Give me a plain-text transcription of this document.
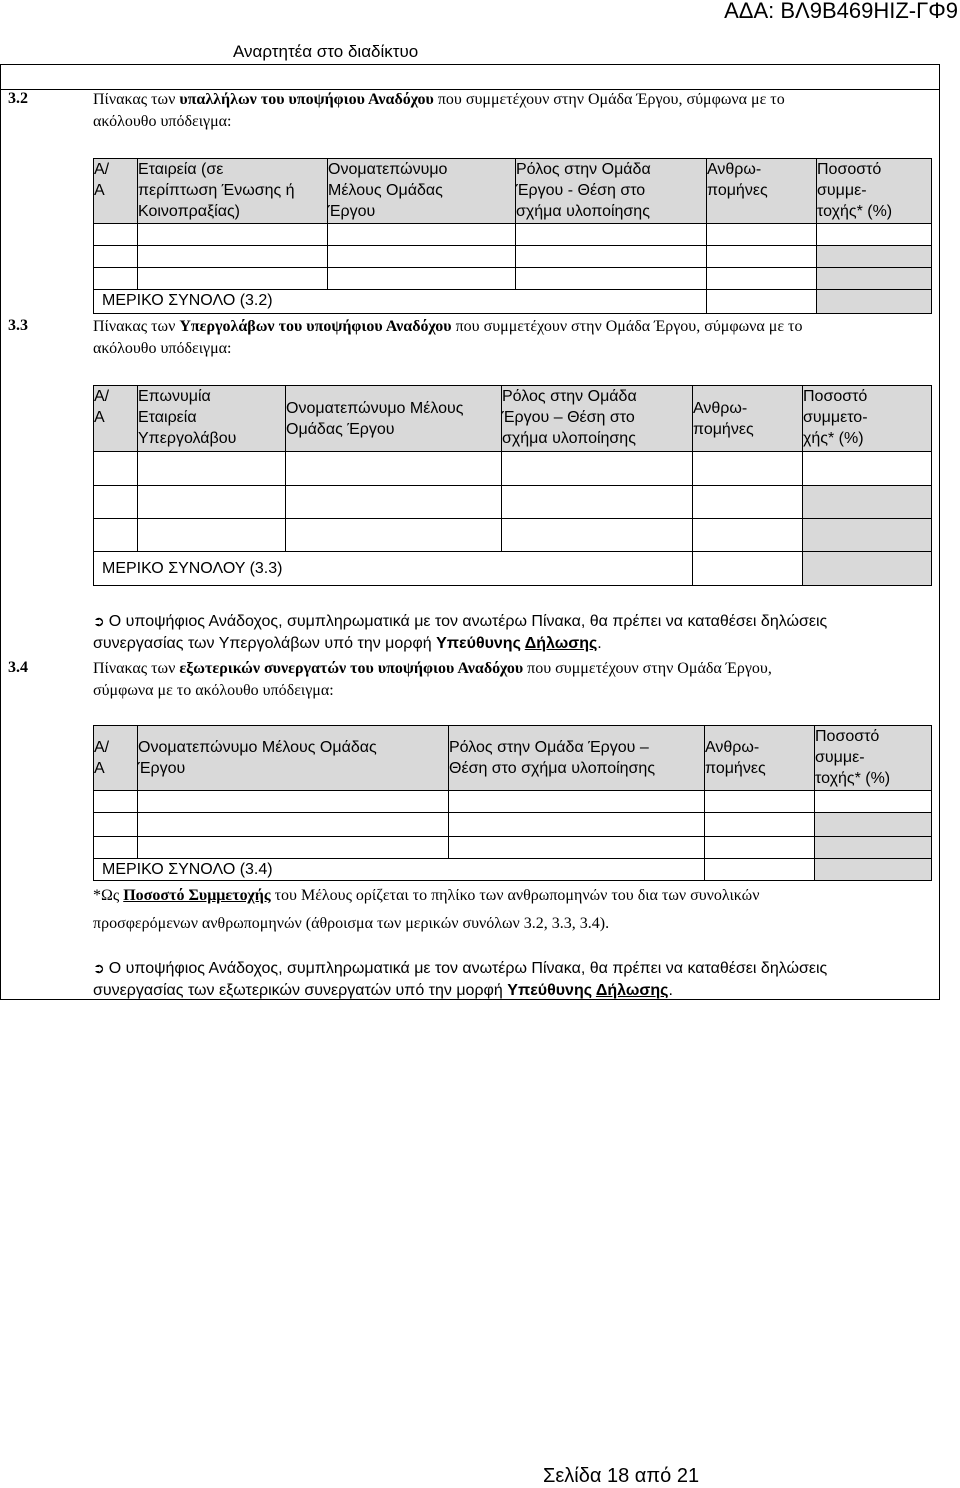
ΑΔΑ: ΒΛ9Β469ΗΙΖ-ΓΦ9
Αναρτητέα στο διαδίκτυο
3.2	Πίνακας των υπαλλήλων του υποψήφιου Αναδόχου που συμμετέχουν στην Ομάδα Έργου, σύμφωνα με το
ακόλουθο υπόδειγμα:
Α/
Α	Εταιρεία (σε
περίπτωση Ένωσης ή
Κοινοπραξίας)	Ονοματεπώνυμο
Μέλους Ομάδας
Έργου	Ρόλος στην Ομάδα
Έργου - Θέση στο
σχήμα υλοποίησης	Ανθρω-
πομήνες	Ποσοστό
συμμε-
τοχής* (%)

ΜΕΡΙΚΟ ΣΥΝΟΛΟ (3.2)					
3.3	Πίνακας των Υπεργολάβων του υποψήφιου Αναδόχου που συμμετέχουν στην Ομάδα Έργου, σύμφωνα με το
ακόλουθο υπόδειγμα:
Α/
Α	Επωνυμία
Εταιρεία
Υπεργολάβου	Ονοματεπώνυμο Μέλους
Ομάδας Έργου	Ρόλος στην Ομάδα
Έργου – Θέση στο
σχήμα υλοποίησης	Ανθρω-
πομήνες	Ποσοστό
συμμετο-
χής* (%)

ΜΕΡΙΚΟ ΣΥΝΟΛΟΥ (3.3)					
➲ Ο υποψήφιος Ανάδοχος, συμπληρωματικά με τον ανωτέρω Πίνακα, θα πρέπει να καταθέσει δηλώσεις
συνεργασίας των Υπεργολάβων υπό την μορφή Υπεύθυνης Δήλωσης.
3.4	Πίνακας των εξωτερικών συνεργατών του υποψήφιου Αναδόχου που συμμετέχουν στην Ομάδα Έργου,
σύμφωνα με το ακόλουθο υπόδειγμα:
Α/
Α	Ονοματεπώνυμο Μέλους Ομάδας
Έργου	Ρόλος στην Ομάδα Έργου –
Θέση στο σχήμα υλοποίησης	Ανθρω-
πομήνες	Ποσοστό
συμμε-
τοχής* (%)

ΜΕΡΙΚΟ ΣΥΝΟΛΟ (3.4)				
*Ως Ποσοστό Συμμετοχής του Μέλους ορίζεται το πηλίκο των ανθρωπομηνών του δια των συνολικών
προσφερόμενων ανθρωπομηνών (άθροισμα των μερικών συνόλων 3.2, 3.3, 3.4).
➲ Ο υποψήφιος Ανάδοχος, συμπληρωματικά με τον ανωτέρω Πίνακα, θα πρέπει να καταθέσει δηλώσεις
συνεργασίας των εξωτερικών συνεργατών υπό την μορφή Υπεύθυνης Δήλωσης.
Σελίδα 18 από 21
